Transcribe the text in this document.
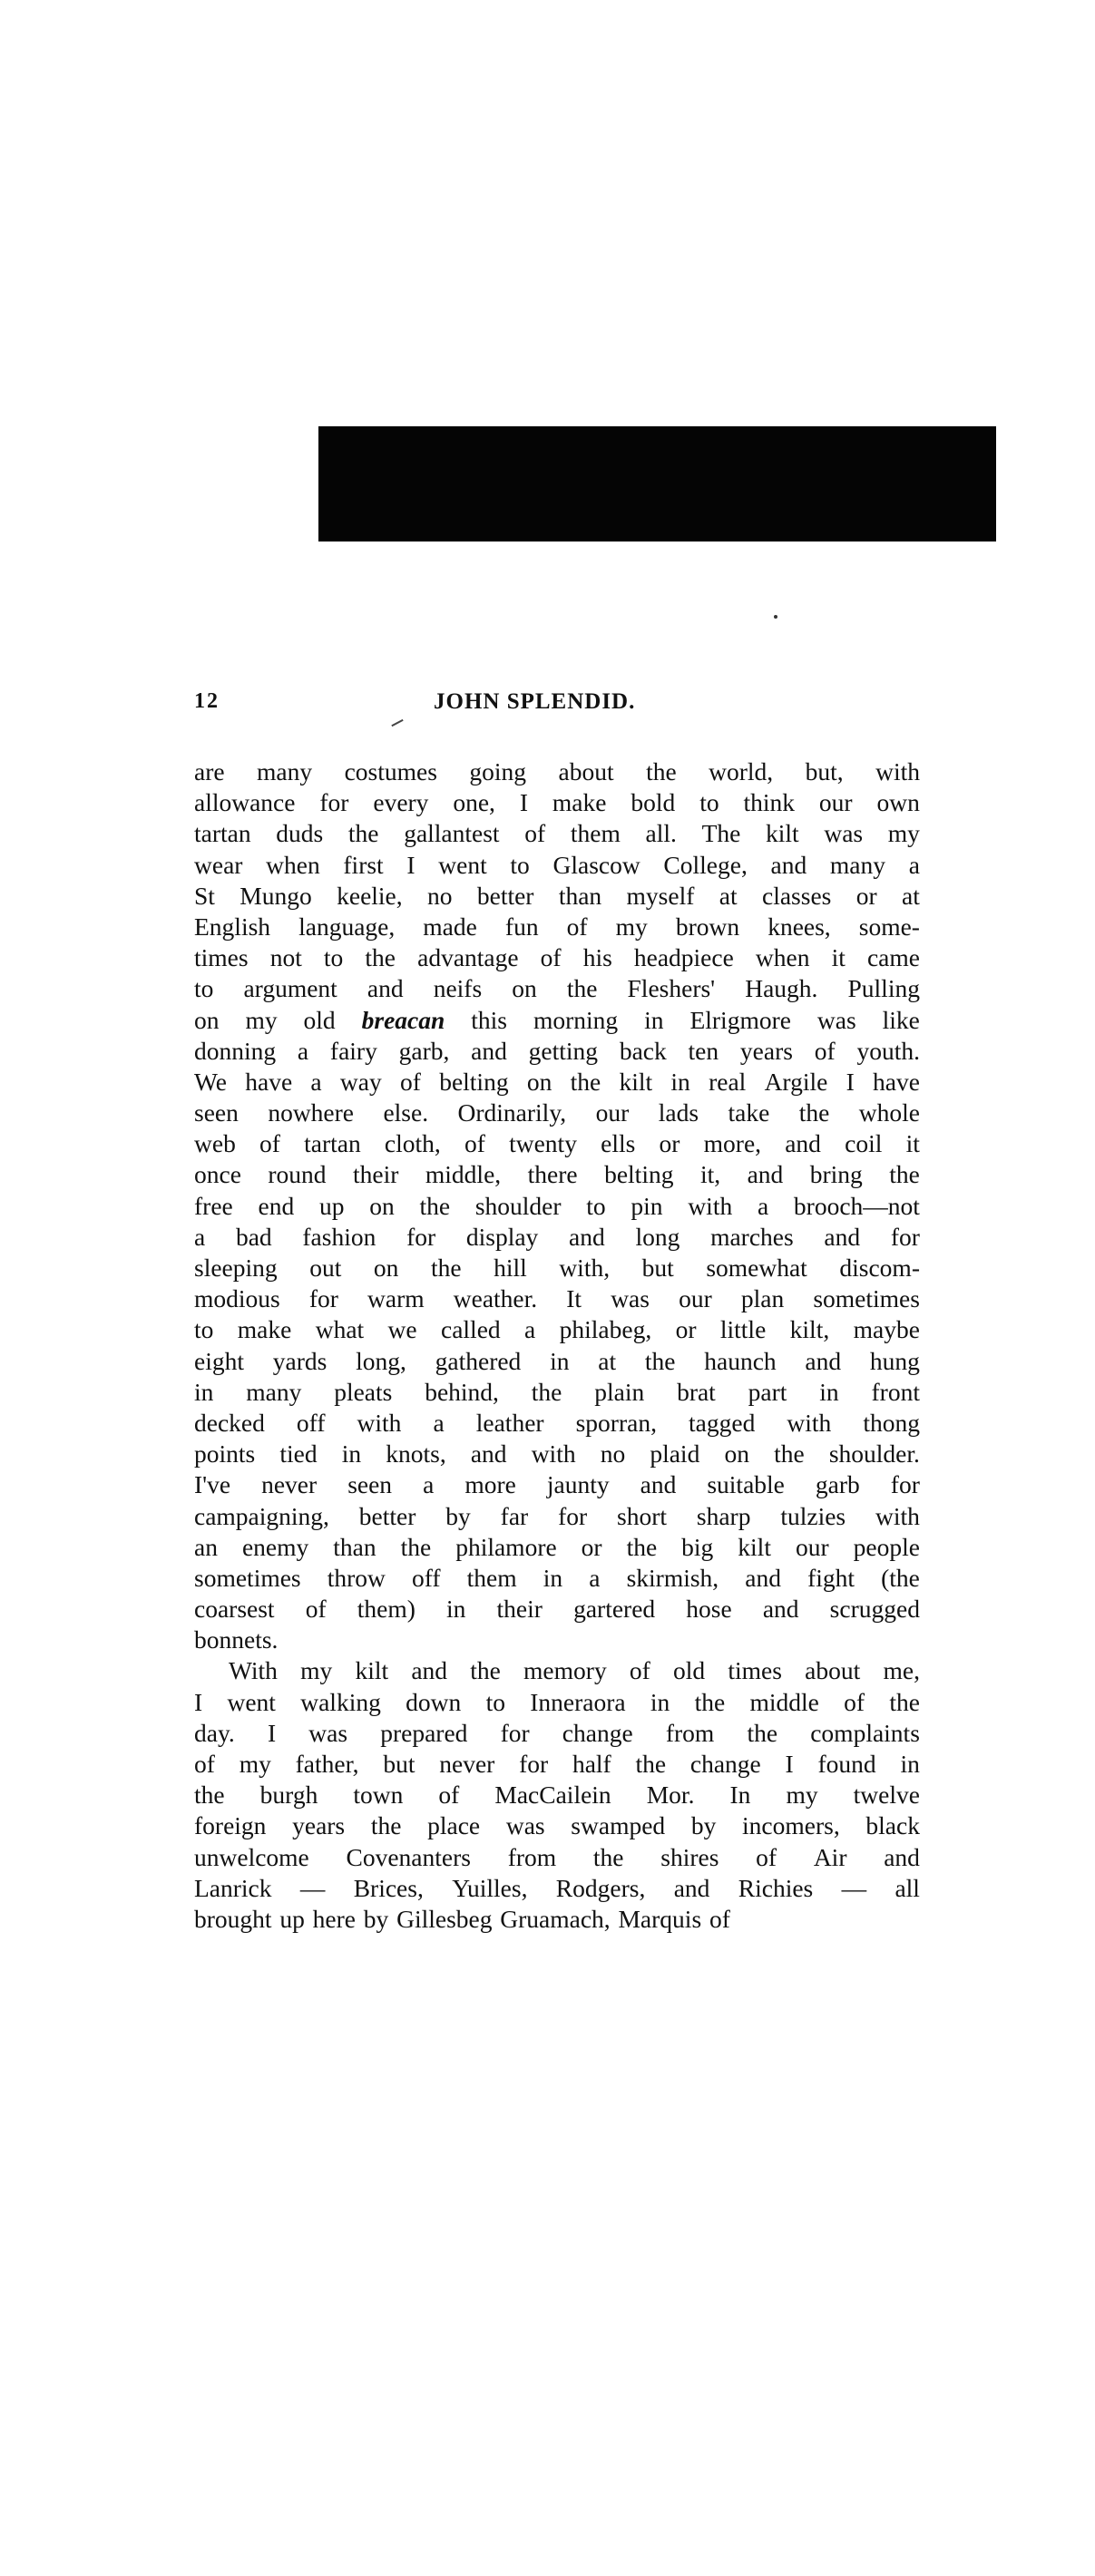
12	JOHN SPLENDID.
are many costumes going about the world, but, with
allowance for every one, I make bold to think our own
tartan duds the gallantest of them all. The kilt was my
wear when first I went to Glascow College, and many a
St Mungo keelie, no better than myself at classes or at
English language, made fun of my brown knees, some-
times not to the advantage of his headpiece when it came
to argument and neifs on the Fleshers' Haugh. Pulling
on my old breacan this morning in Elrigmore was like
donning a fairy garb, and getting back ten years of youth.
We have a way of belting on the kilt in real Argile I have
seen nowhere else. Ordinarily, our lads take the whole
web of tartan cloth, of twenty ells or more, and coil it
once round their middle, there belting it, and bring the
free end up on the shoulder to pin with a brooch—not
a bad fashion for display and long marches and for
sleeping out on the hill with, but somewhat discom-
modious for warm weather. It was our plan sometimes
to make what we called a philabeg, or little kilt, maybe
eight yards long, gathered in at the haunch and hung
in many pleats behind, the plain brat part in front
decked off with a leather sporran, tagged with thong
points tied in knots, and with no plaid on the shoulder.
I've never seen a more jaunty and suitable garb for
campaigning, better by far for short sharp tulzies with
an enemy than the philamore or the big kilt our people
sometimes throw off them in a skirmish, and fight (the
coarsest of them) in their gartered hose and scrugged
bonnets.
With my kilt and the memory of old times about me,
I went walking down to Inneraora in the middle of the
day. I was prepared for change from the complaints
of my father, but never for half the change I found in
the burgh town of MacCailein Mor. In my twelve
foreign years the place was swamped by incomers, black
unwelcome Covenanters from the shires of Air and
Lanrick — Brices, Yuilles, Rodgers, and Richies — all
brought up here by Gillesbeg Gruamach, Marquis of
